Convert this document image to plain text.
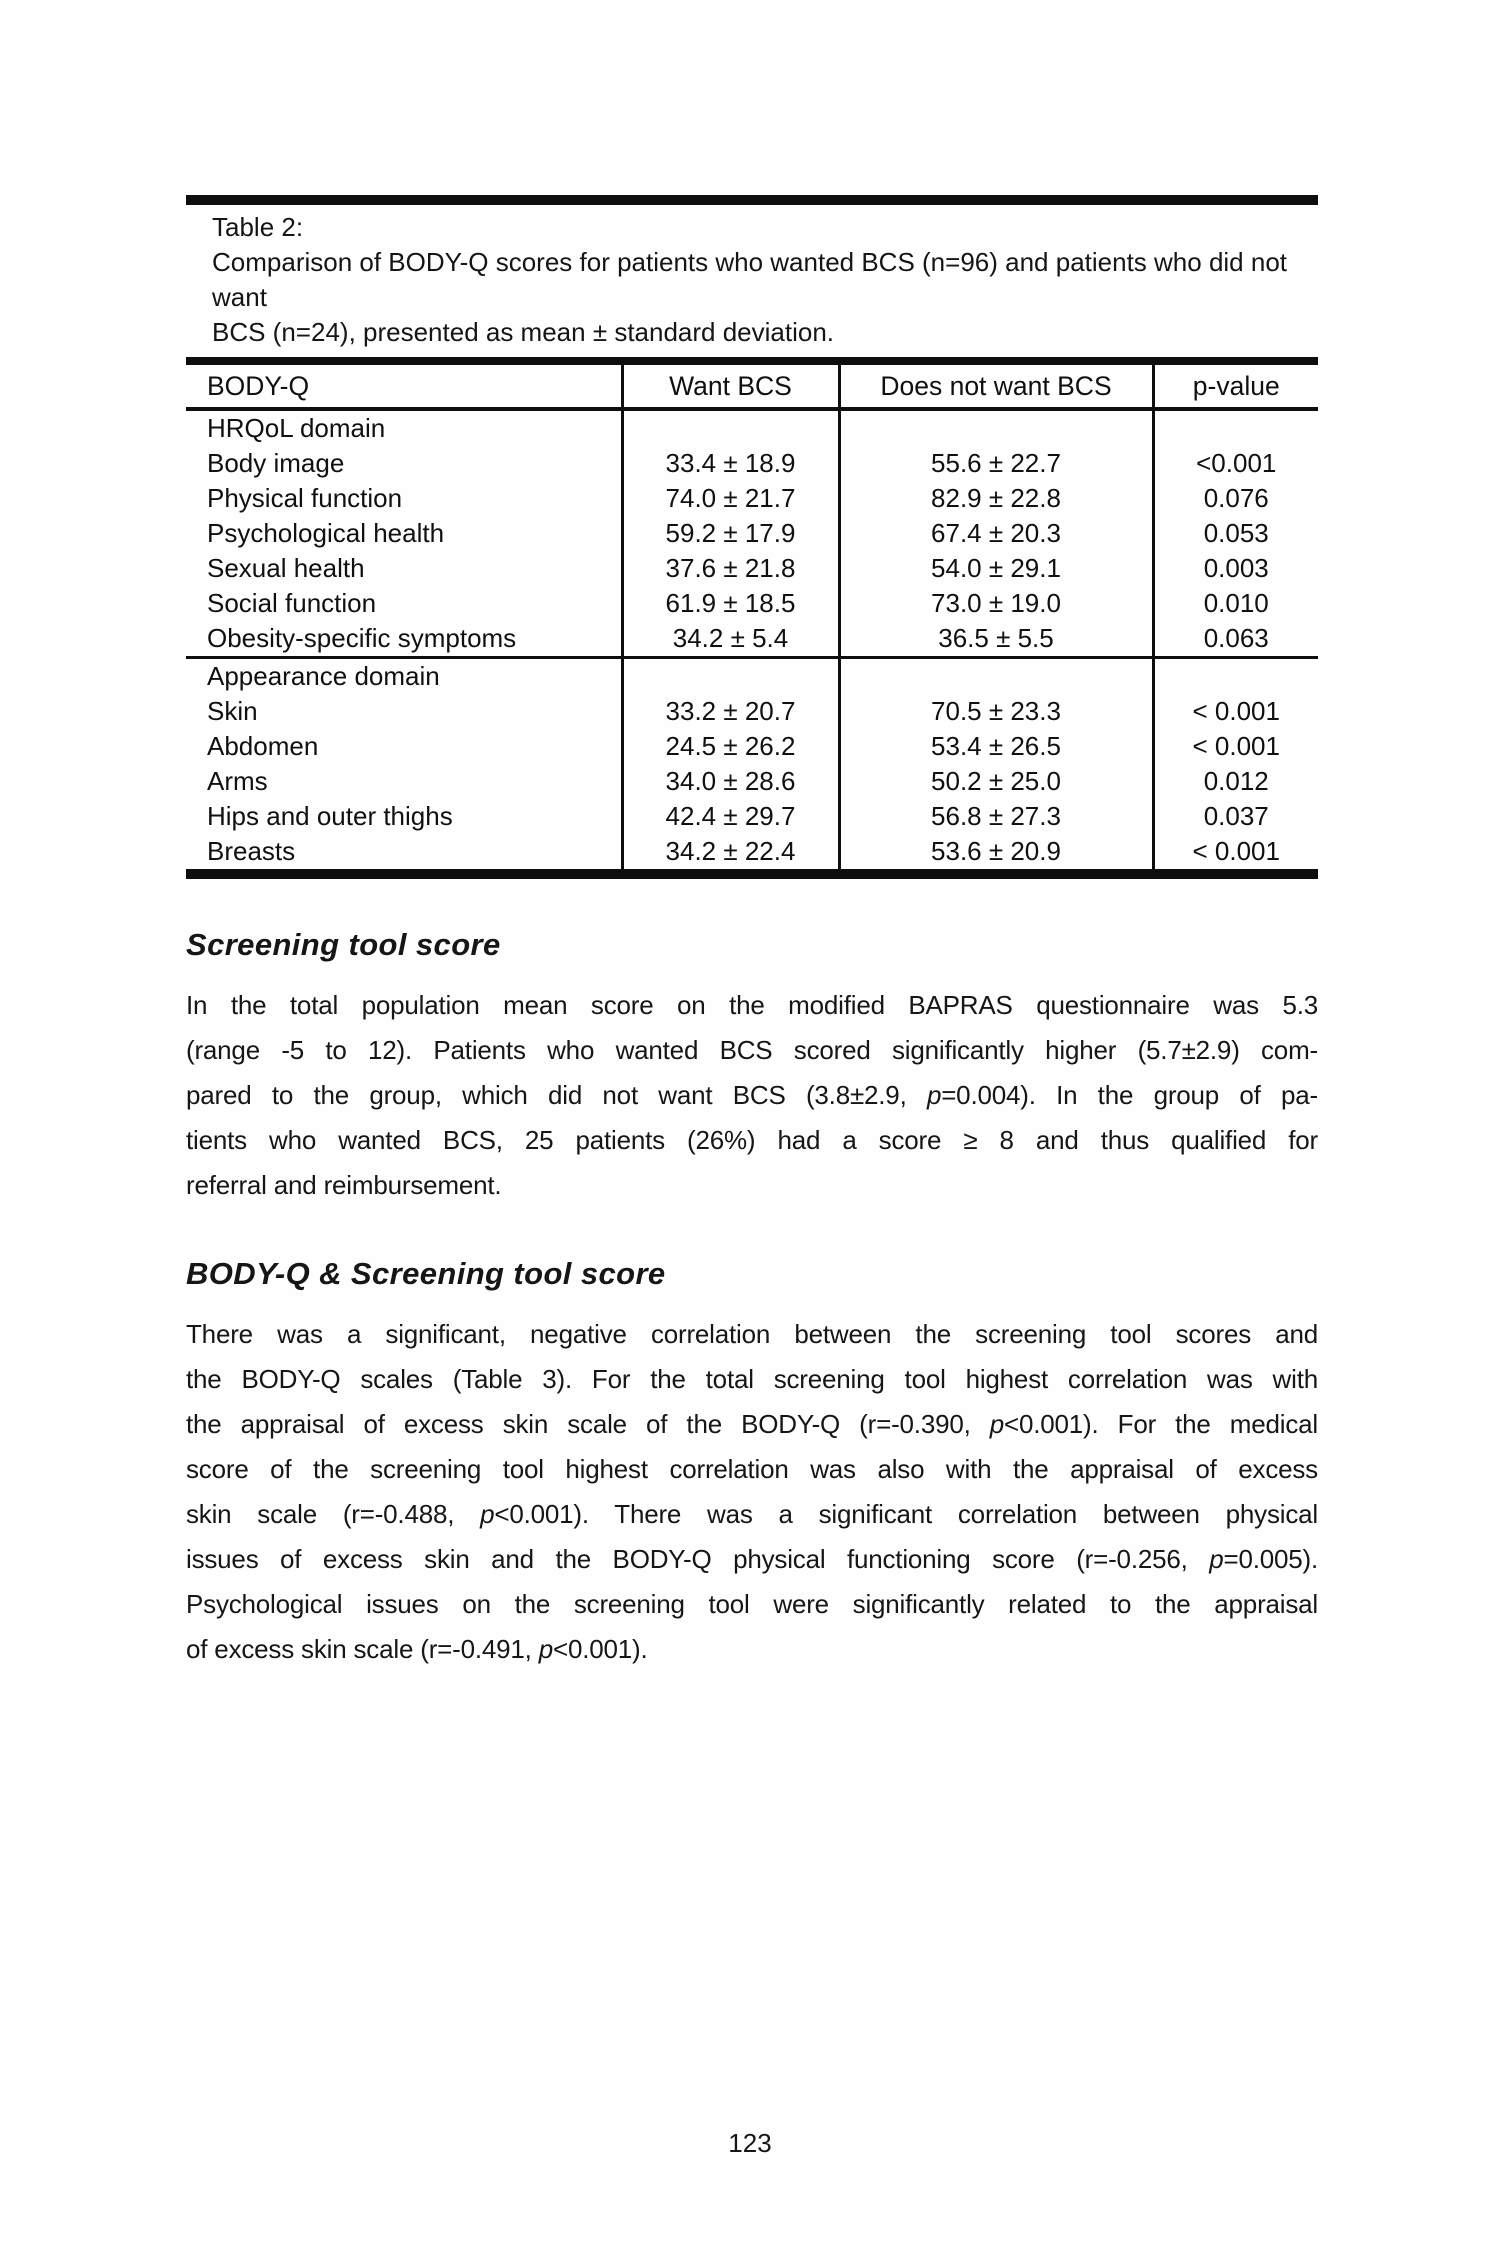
Table 2:
Comparison of BODY-Q scores for patients who wanted BCS (n=96) and patients who did not want
BCS (n=24), presented as mean ± standard deviation.
BODY-Q	Want BCS	Does not want BCS	p-value
HRQoL domain			
Body image	33.4 ± 18.9	55.6 ± 22.7	<0.001
Physical function	74.0 ± 21.7	82.9 ± 22.8	0.076
Psychological health	59.2 ± 17.9	67.4 ± 20.3	0.053
Sexual health	37.6 ± 21.8	54.0 ± 29.1	0.003
Social function	61.9 ± 18.5	73.0 ± 19.0	0.010
Obesity-specific symptoms	34.2 ± 5.4	36.5 ± 5.5	0.063
Appearance domain			
Skin	33.2 ± 20.7	70.5 ± 23.3	< 0.001
Abdomen	24.5 ± 26.2	53.4 ± 26.5	< 0.001
Arms	34.0 ± 28.6	50.2 ± 25.0	0.012
Hips and outer thighs	42.4 ± 29.7	56.8 ± 27.3	0.037
Breasts	34.2 ± 22.4	53.6 ± 20.9	< 0.001
Screening tool score
In the total population mean score on the modified BAPRAS questionnaire was 5.3
(range -5 to 12). Patients who wanted BCS scored significantly higher (5.7±2.9) com-
pared to the group, which did not want BCS (3.8±2.9, p=0.004). In the group of pa-
tients who wanted BCS, 25 patients (26%) had a score ≥ 8 and thus qualified for
referral and reimbursement.
BODY-Q & Screening tool score
There was a significant, negative correlation between the screening tool scores and
the BODY-Q scales (Table 3). For the total screening tool highest correlation was with
the appraisal of excess skin scale of the BODY-Q (r=-0.390, p<0.001). For the medical
score of the screening tool highest correlation was also with the appraisal of excess
skin scale (r=-0.488, p<0.001). There was a significant correlation between physical
issues of excess skin and the BODY-Q physical functioning score (r=-0.256, p=0.005).
Psychological issues on the screening tool were significantly related to the appraisal
of excess skin scale (r=-0.491, p<0.001).
123
